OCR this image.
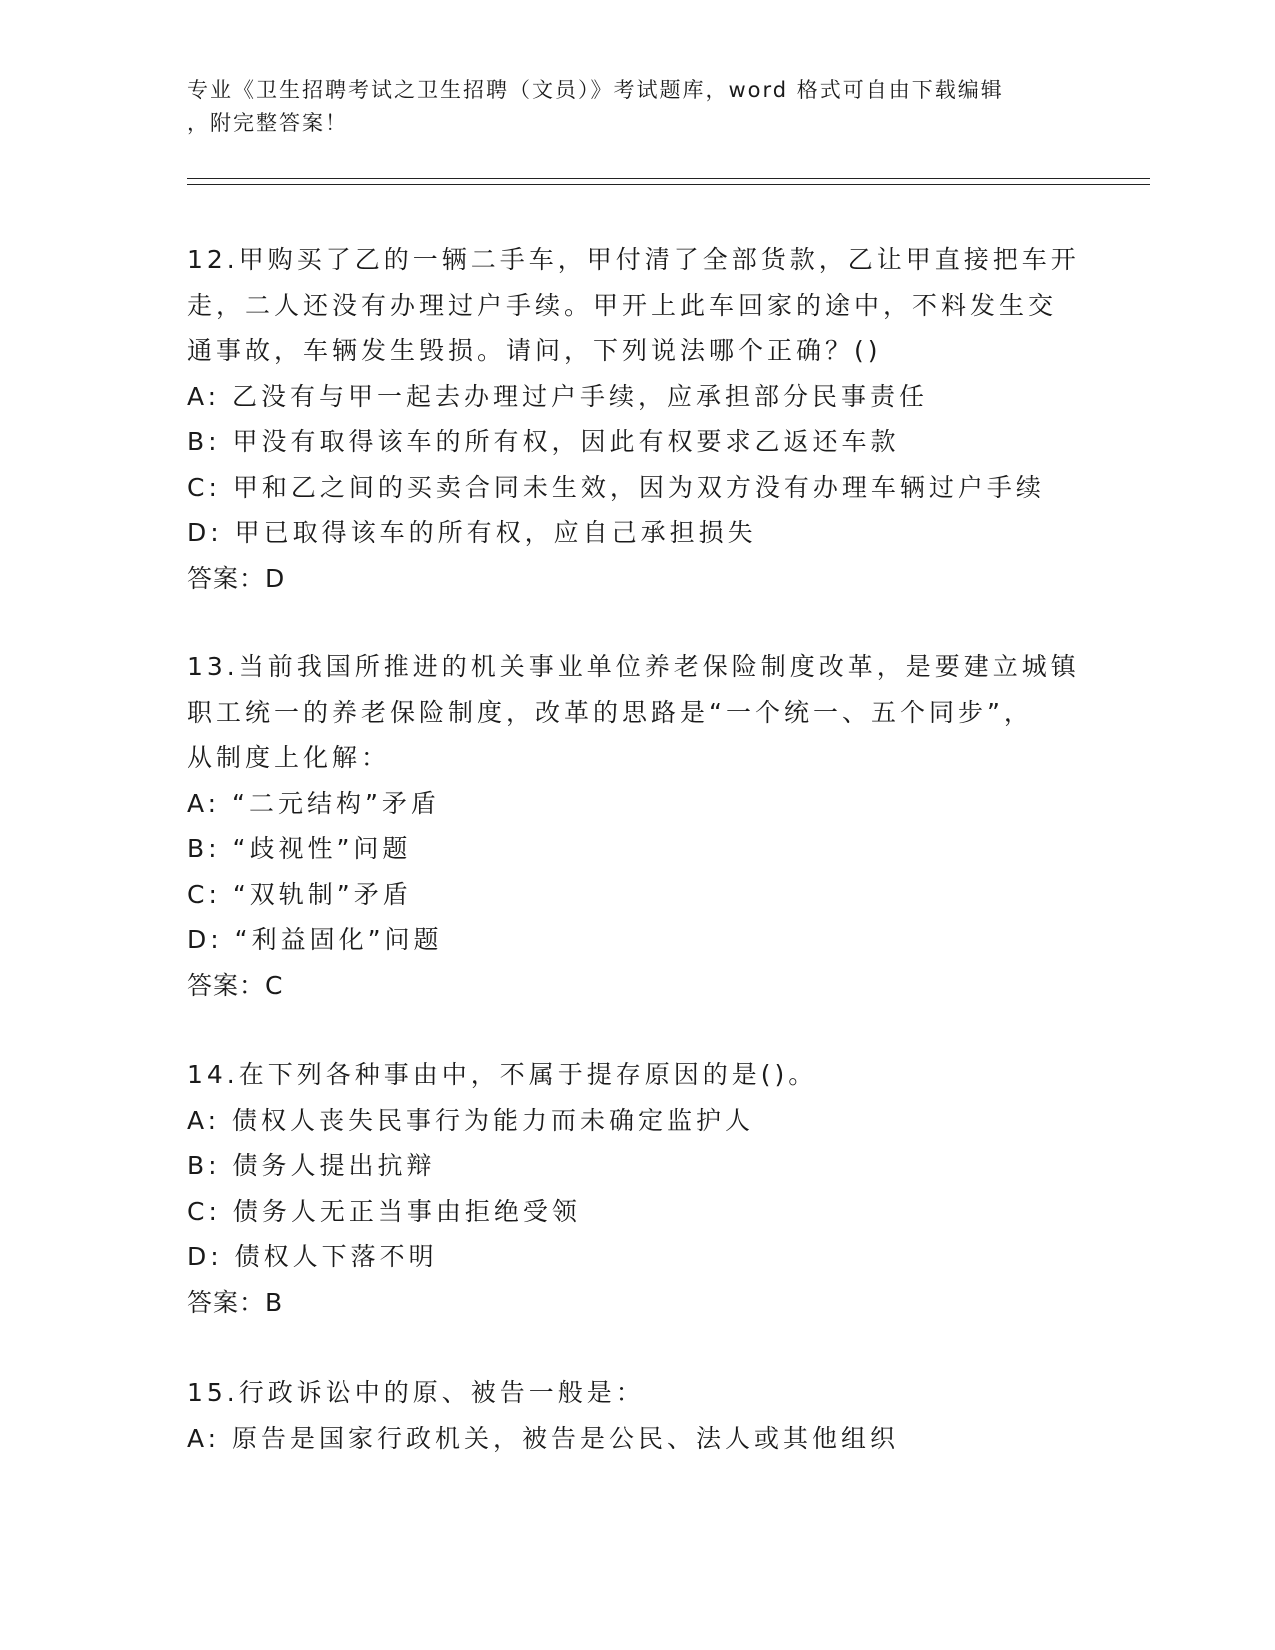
专业《卫生招聘考试之卫生招聘（文员）》考试题库，word 格式可自由下载编辑
，附完整答案！

12.甲购买了乙的一辆二手车，甲付清了全部货款，乙让甲直接把车开

走，二人还没有办理过户手续。甲开上此车回家的途中，不料发生交

通事故，车辆发生毁损。请问，下列说法哪个正确？()

A: 乙没有与甲一起去办理过户手续，应承担部分民事责任

B: 甲没有取得该车的所有权，因此有权要求乙返还车款

C: 甲和乙之间的买卖合同未生效，因为双方没有办理车辆过户手续

D: 甲已取得该车的所有权，应自己承担损失

答案：D

13.当前我国所推进的机关事业单位养老保险制度改革，是要建立城镇

职工统一的养老保险制度，改革的思路是“一个统一、五个同步”，

从制度上化解：

A: “二元结构”矛盾

B: “歧视性”问题

C: “双轨制”矛盾

D: “利益固化”问题

答案：C

14.在下列各种事由中，不属于提存原因的是()。

A: 债权人丧失民事行为能力而未确定监护人

B: 债务人提出抗辩

C: 债务人无正当事由拒绝受领

D: 债权人下落不明

答案：B

15.行政诉讼中的原、被告一般是：

A: 原告是国家行政机关，被告是公民、法人或其他组织
